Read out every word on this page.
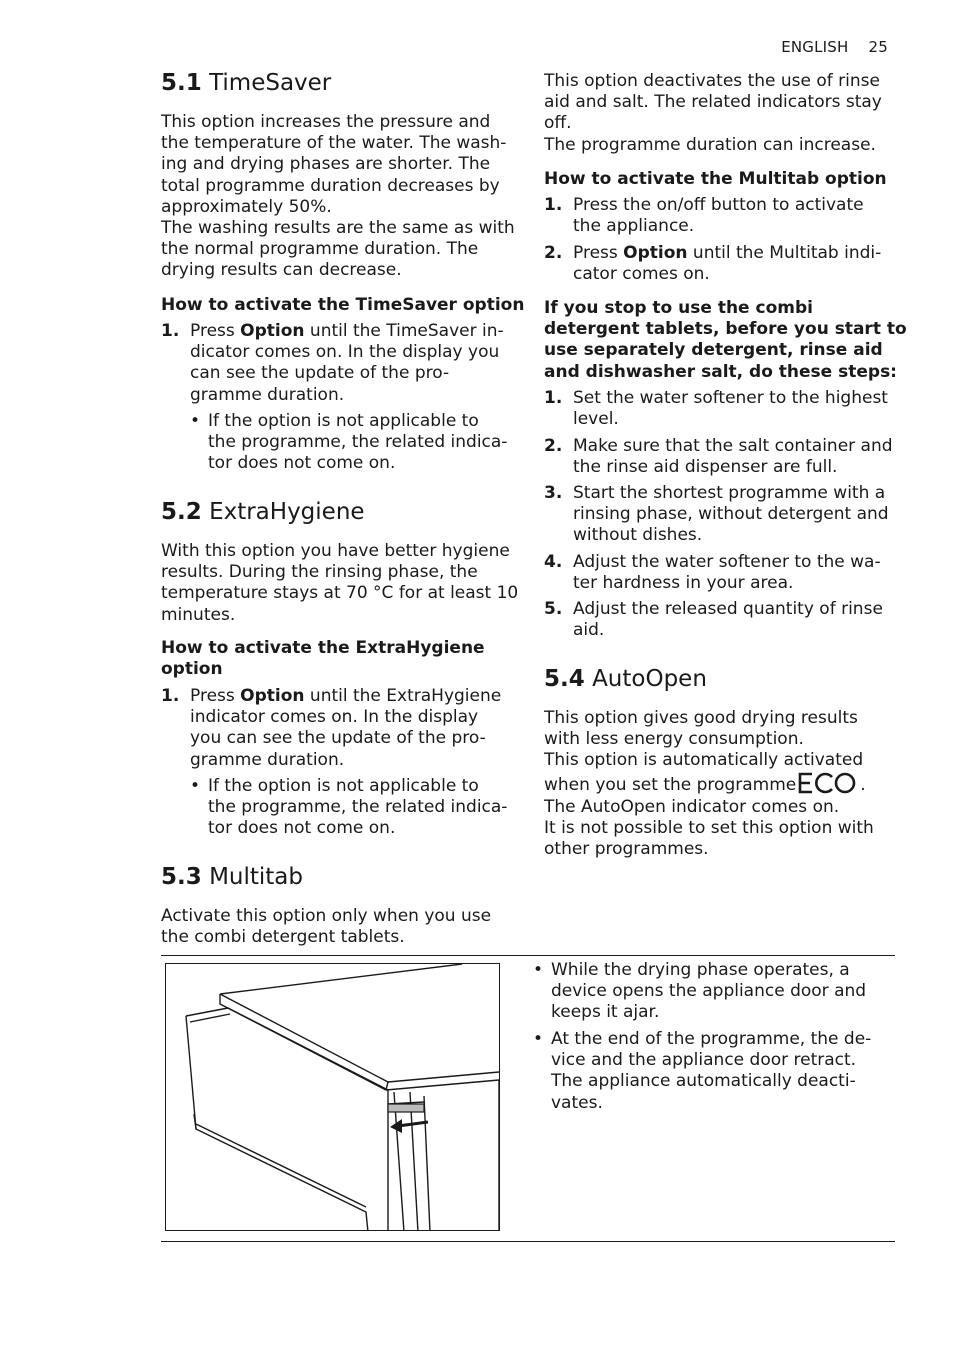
ENGLISH 25
5.1 TimeSaver
This option increases the pressure and
the temperature of the water. The wash-
ing and drying phases are shorter. The
total programme duration decreases by
approximately 50%.
The washing results are the same as with
the normal programme duration. The
drying results can decrease.
How to activate the TimeSaver option
1. Press Option until the TimeSaver in-
dicator comes on. In the display you
can see the update of the pro-
gramme duration.
• If the option is not applicable to
the programme, the related indica-
tor does not come on.
5.2 ExtraHygiene
With this option you have better hygiene
results. During the rinsing phase, the
temperature stays at 70 °C for at least 10
minutes.
How to activate the ExtraHygiene
option
1. Press Option until the ExtraHygiene
indicator comes on. In the display
you can see the update of the pro-
gramme duration.
• If the option is not applicable to
the programme, the related indica-
tor does not come on.
5.3 Multitab
Activate this option only when you use
the combi detergent tablets.
This option deactivates the use of rinse
aid and salt. The related indicators stay
off.
The programme duration can increase.
How to activate the Multitab option
1. Press the on/off button to activate
the appliance.
2. Press Option until the Multitab indi-
cator comes on.
If you stop to use the combi
detergent tablets, before you start to
use separately detergent, rinse aid
and dishwasher salt, do these steps:
1. Set the water softener to the highest
level.
2. Make sure that the salt container and
the rinse aid dispenser are full.
3. Start the shortest programme with a
rinsing phase, without detergent and
without dishes.
4. Adjust the water softener to the wa-
ter hardness in your area.
5. Adjust the released quantity of rinse
aid.
5.4 AutoOpen
This option gives good drying results
with less energy consumption.
This option is automatically activated
when you set the programme	.
The AutoOpen indicator comes on.
It is not possible to set this option with
other programmes.
• While the drying phase operates, a
device opens the appliance door and
keeps it ajar.
• At the end of the programme, the de-
vice and the appliance door retract.
The appliance automatically deacti-
vates.
